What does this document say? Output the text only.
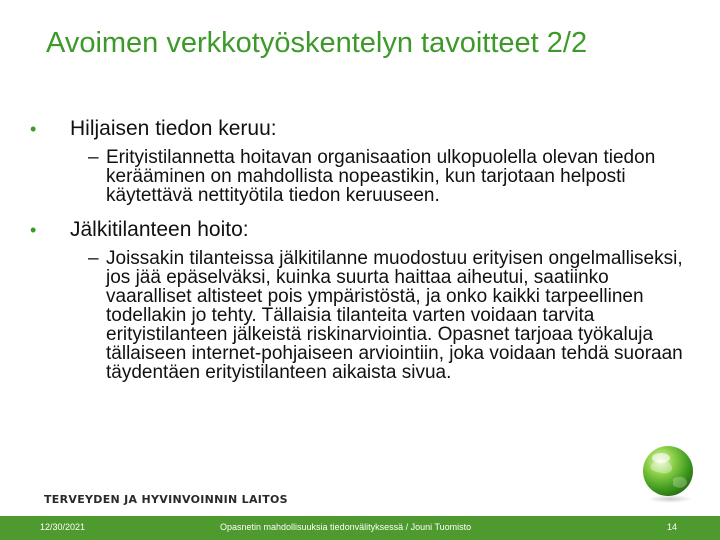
Avoimen verkkotyöskentelyn tavoitteet 2/2

• Hiljaisen tiedon keruu:

– Erityistilannetta hoitavan organisaation ulkopuolella olevan tiedon kerääminen on mahdollista nopeastikin, kun tarjotaan helposti käytettävä nettityötila tiedon keruuseen.

• Jälkitilanteen hoito:

– Joissakin tilanteissa jälkitilanne muodostuu erityisen ongelmalliseksi, jos jää epäselväksi, kuinka suurta haittaa aiheutui, saatiinko vaaralliset altisteet pois ympäristöstä, ja onko kaikki tarpeellinen todellakin jo tehty. Tällaisia tilanteita varten voidaan tarvita erityistilanteen jälkeistä riskinarviointia. Opasnet tarjoaa työkaluja tällaiseen internet-pohjaiseen arviointiin, joka voidaan tehdä suoraan täydentäen erityistilanteen aikaista sivua.

TERVEYDEN JA HYVINVOINNIN LAITOS
12/30/2021	Opasnetin mahdollisuuksia tiedonvälityksessä / Jouni Tuomisto	14
